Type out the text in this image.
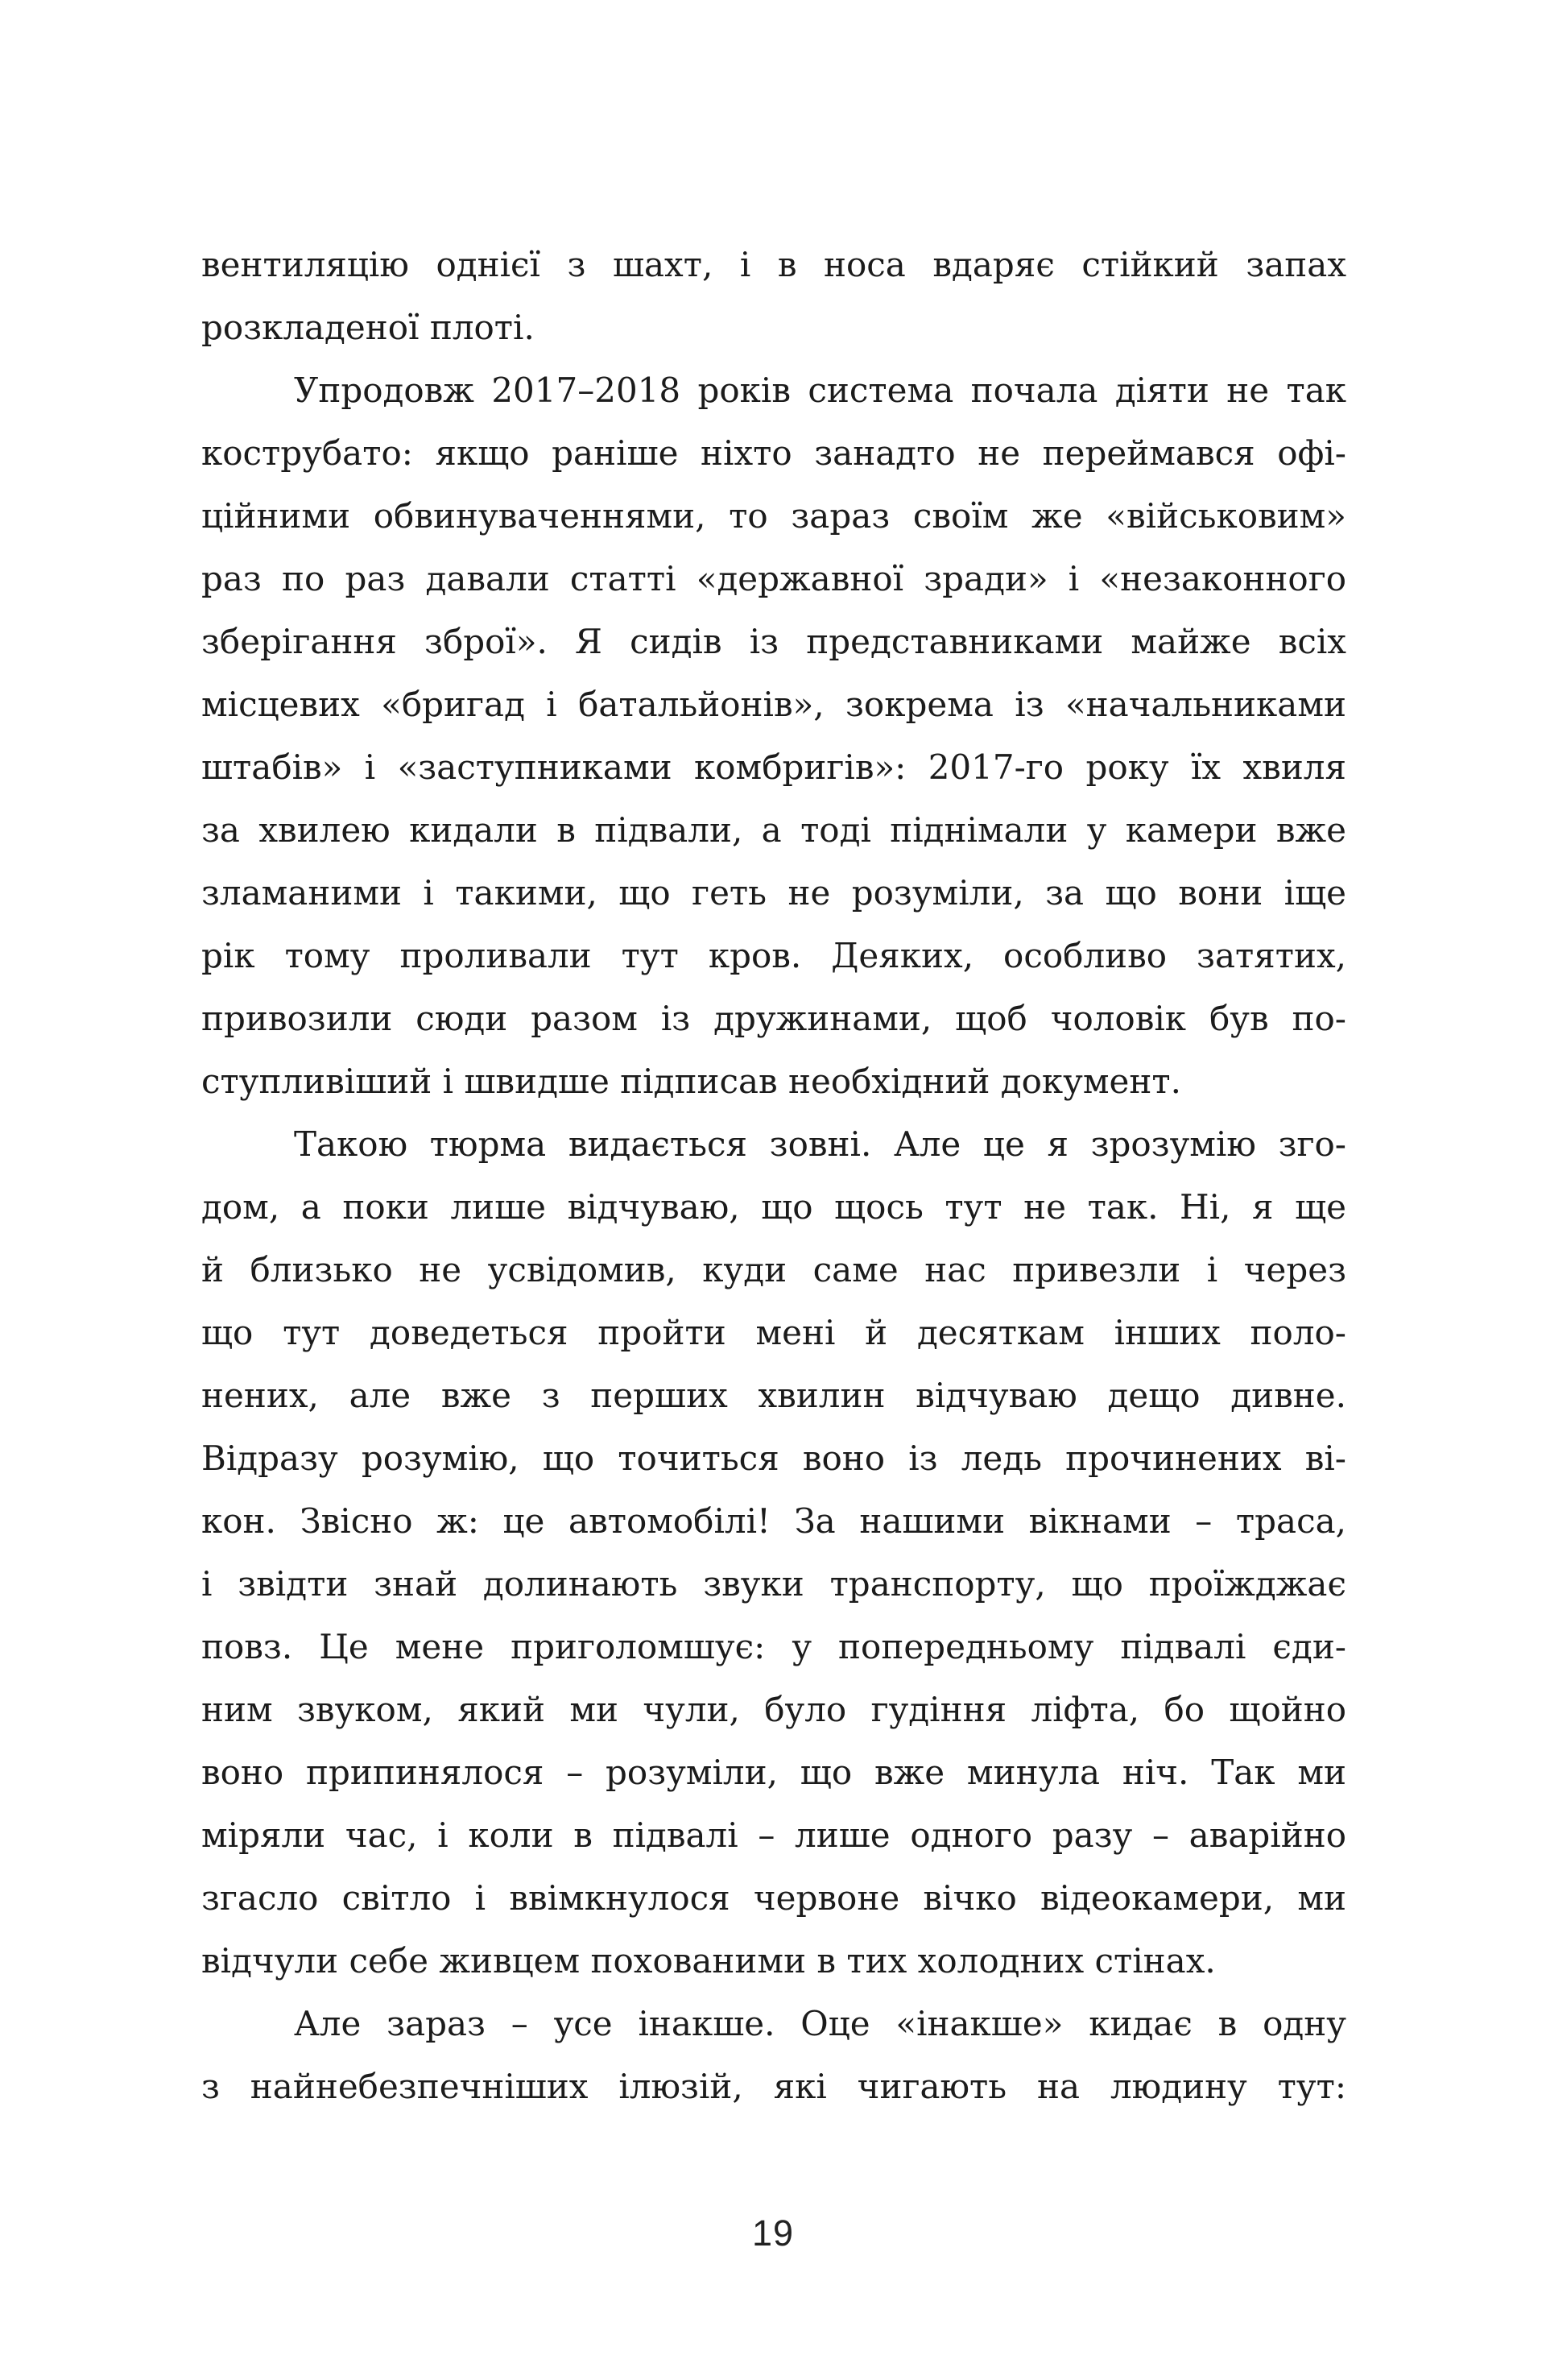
вентиляцію однієї з шахт, і в носа вдаряє стійкий запах
розкладеної плоті.
Упродовж 2017–2018 років система почала діяти не так
кострубато: якщо раніше ніхто занадто не переймався офі-
ційними обвинуваченнями, то зараз своїм же «військовим»
раз по раз давали статті «державної зради» і «незаконного
зберігання зброї». Я сидів із представниками майже всіх
місцевих «бригад і батальйонів», зокрема із «начальниками
штабів» і «заступниками комбригів»: 2017-го року їх хвиля
за хвилею кидали в підвали, а тоді піднімали у камери вже
зламаними і такими, що геть не розуміли, за що вони іще
рік тому проливали тут кров. Деяких, особливо затятих,
привозили сюди разом із дружинами, щоб чоловік був по-
ступливіший і швидше підписав необхідний документ.
Такою тюрма видається зовні. Але це я зрозумію зго-
дом, а поки лише відчуваю, що щось тут не так. Ні, я ще
й близько не усвідомив, куди саме нас привезли і через
що тут доведеться пройти мені й десяткам інших поло-
нених, але вже з перших хвилин відчуваю дещо дивне.
Відразу розумію, що точиться воно із ледь прочинених ві-
кон. Звісно ж: це автомобілі! За нашими вікнами – траса,
і звідти знай долинають звуки транспорту, що проїжджає
повз. Це мене приголомшує: у попередньому підвалі єди-
ним звуком, який ми чули, було гудіння ліфта, бо щойно
воно припинялося – розуміли, що вже минула ніч. Так ми
міряли час, і коли в підвалі – лише одного разу – аварійно
згасло світло і ввімкнулося червоне вічко відеокамери, ми
відчули себе живцем похованими в тих холодних стінах.
Але зараз – усе інакше. Оце «інакше» кидає в одну
з найнебезпечніших ілюзій, які чигають на людину тут:
19
